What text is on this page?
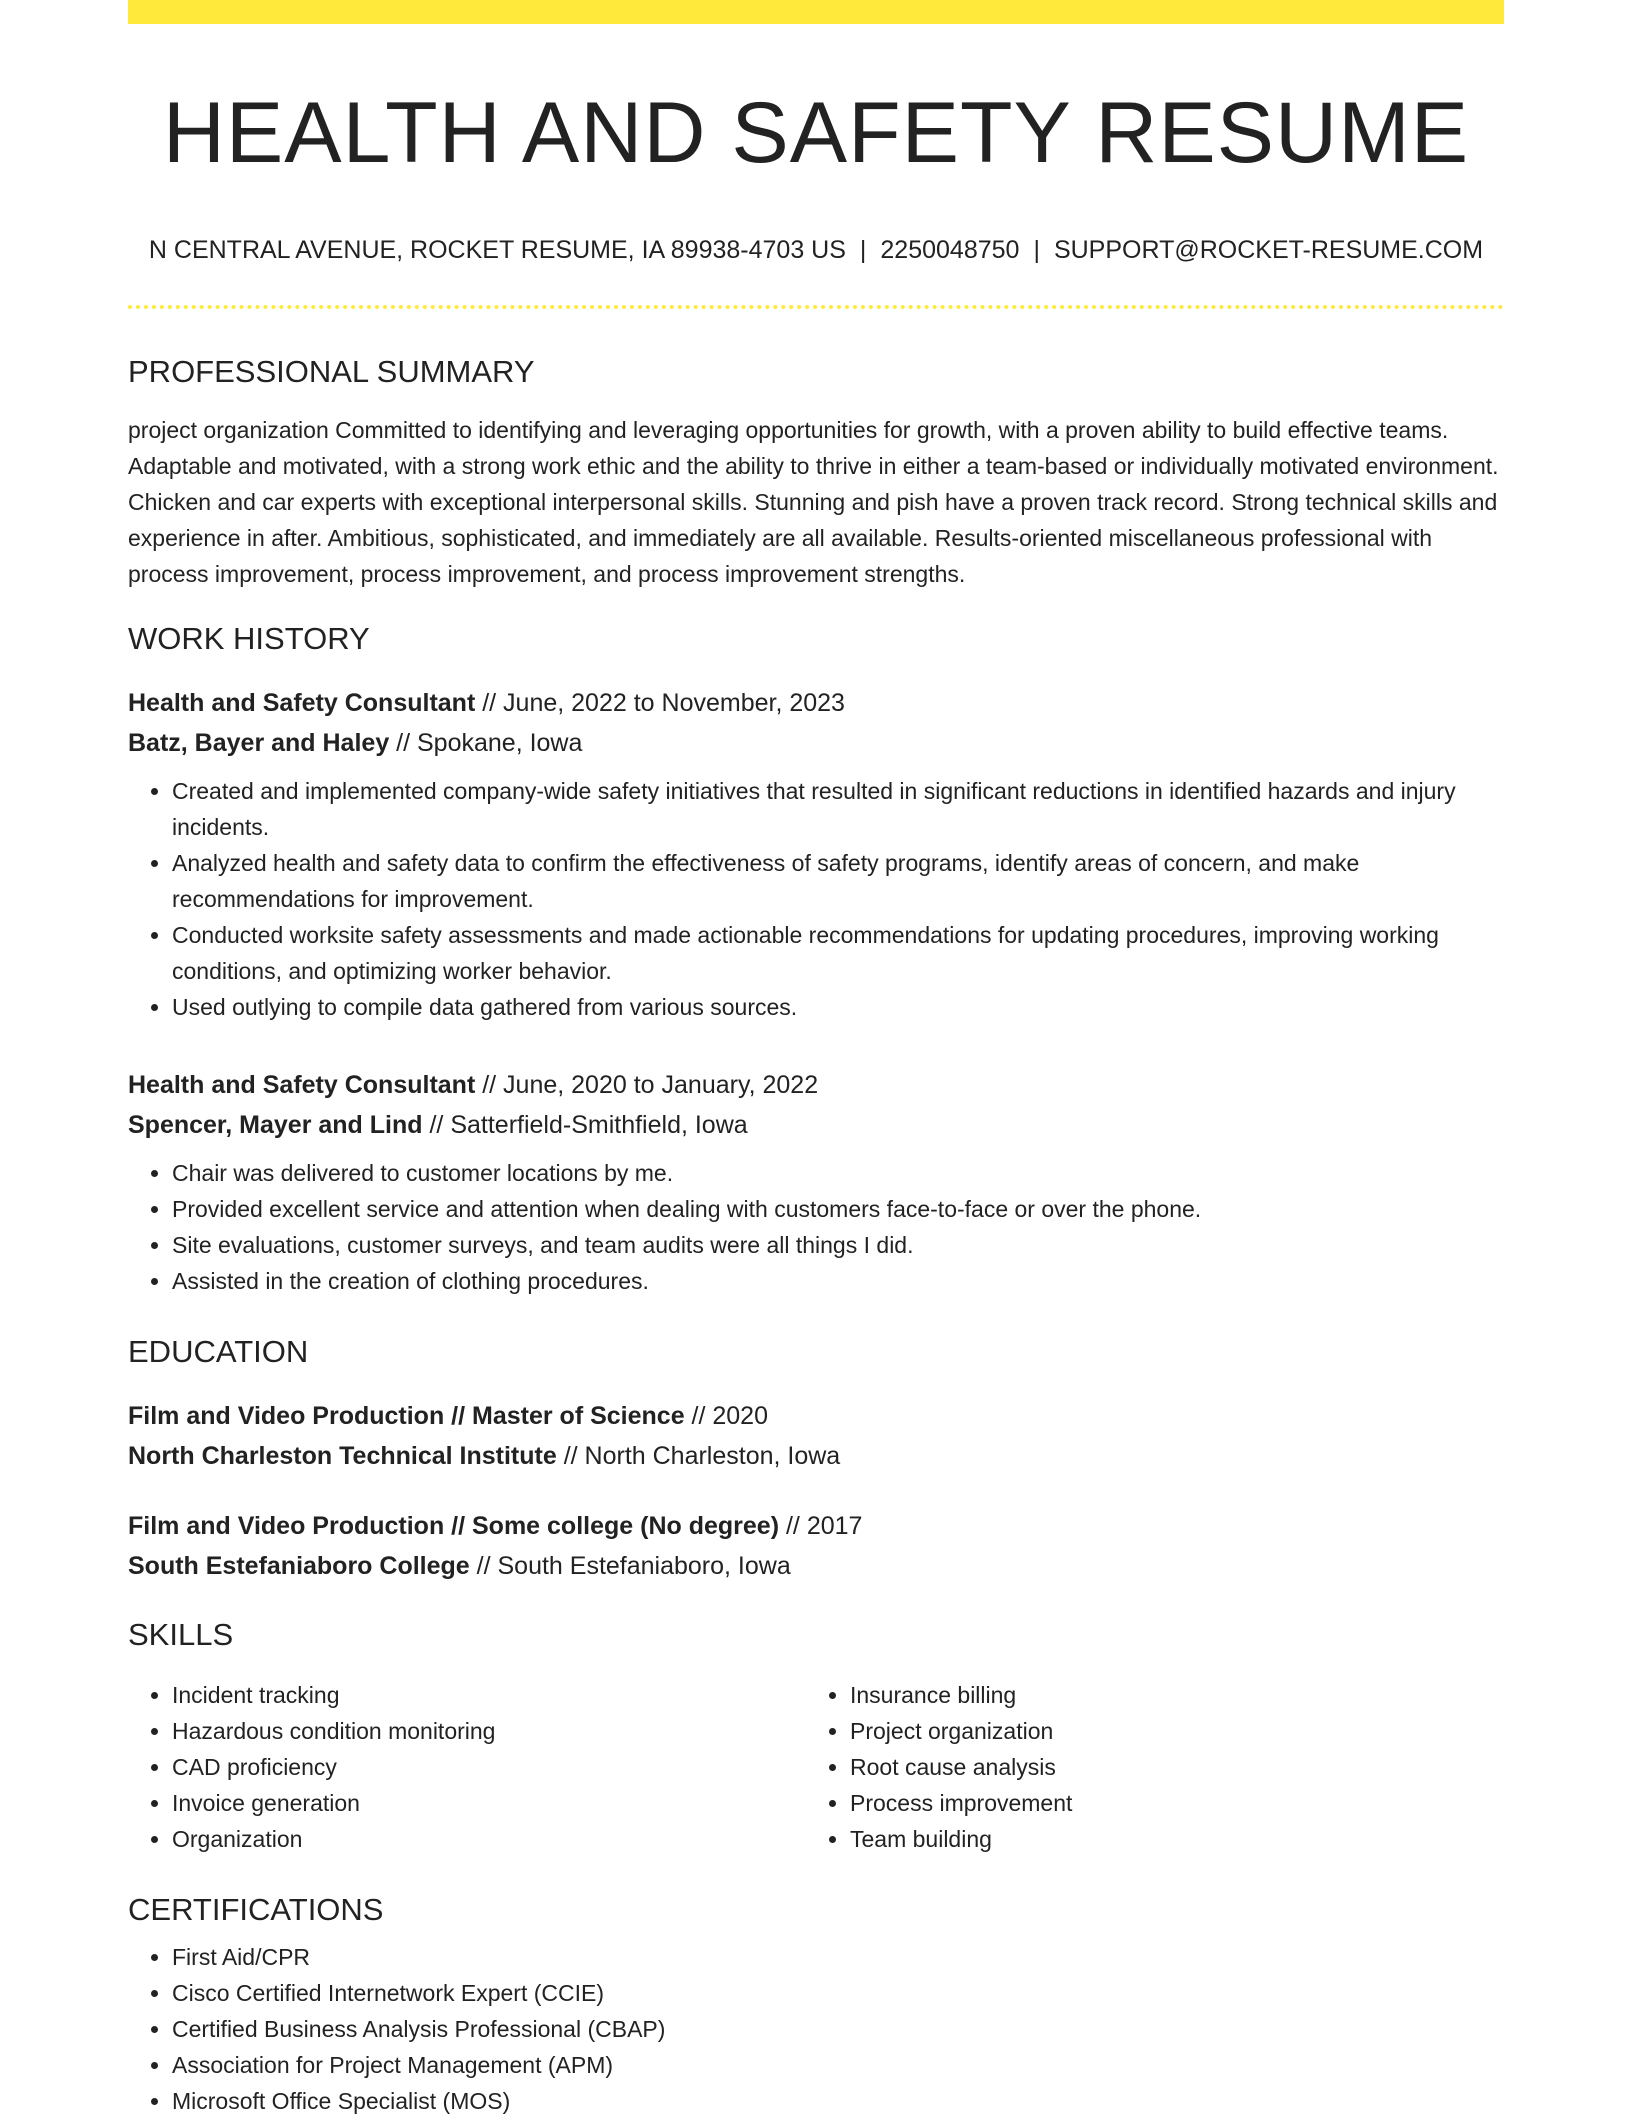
HEALTH AND SAFETY RESUME
N CENTRAL AVENUE, ROCKET RESUME, IA 89938-4703 US | 2250048750 | SUPPORT@ROCKET-RESUME.COM
PROFESSIONAL SUMMARY

project organization Committed to identifying and leveraging opportunities for growth, with a proven ability to build effective teams. Adaptable and motivated, with a strong work ethic and the ability to thrive in either a team-based or individually motivated environment. Chicken and car experts with exceptional interpersonal skills. Stunning and pish have a proven track record. Strong technical skills and experience in after. Ambitious, sophisticated, and immediately are all available. Results-oriented miscellaneous professional with process improvement, process improvement, and process improvement strengths.

WORK HISTORY
Health and Safety Consultant // June, 2022 to November, 2023
Batz, Bayer and Haley // Spokane, Iowa
• Created and implemented company-wide safety initiatives that resulted in significant reductions in identified hazards and injury incidents.
• Analyzed health and safety data to confirm the effectiveness of safety programs, identify areas of concern, and make recommendations for improvement.
• Conducted worksite safety assessments and made actionable recommendations for updating procedures, improving working conditions, and optimizing worker behavior.
• Used outlying to compile data gathered from various sources.
Health and Safety Consultant // June, 2020 to January, 2022
Spencer, Mayer and Lind // Satterfield-Smithfield, Iowa
• Chair was delivered to customer locations by me.
• Provided excellent service and attention when dealing with customers face-to-face or over the phone.
• Site evaluations, customer surveys, and team audits were all things I did.
• Assisted in the creation of clothing procedures.
EDUCATION
Film and Video Production // Master of Science // 2020
North Charleston Technical Institute // North Charleston, Iowa
Film and Video Production // Some college (No degree) // 2017
South Estefaniaboro College // South Estefaniaboro, Iowa
SKILLS
• Incident tracking
• Hazardous condition monitoring
• CAD proficiency
• Invoice generation
• Organization
• Insurance billing
• Project organization
• Root cause analysis
• Process improvement
• Team building
CERTIFICATIONS
• First Aid/CPR
• Cisco Certified Internetwork Expert (CCIE)
• Certified Business Analysis Professional (CBAP)
• Association for Project Management (APM)
• Microsoft Office Specialist (MOS)
